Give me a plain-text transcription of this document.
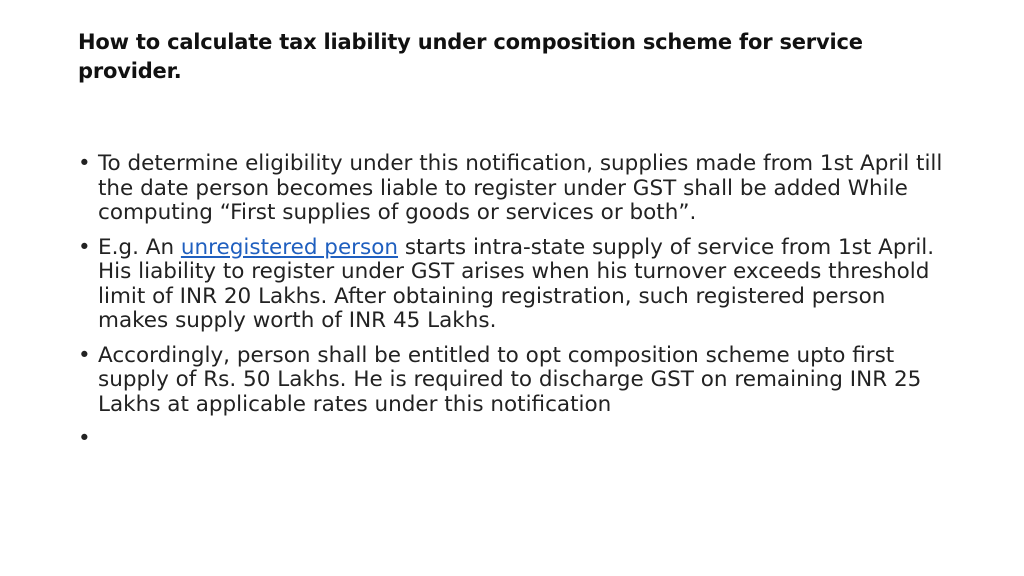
How to calculate tax liability under composition scheme for service provider.
• To determine eligibility under this notification, supplies made from 1st April till the date person becomes liable to register under GST shall be added While computing “First supplies of goods or services or both”.
• E.g. An unregistered person starts intra-state supply of service from 1st April. His liability to register under GST arises when his turnover exceeds threshold limit of INR 20 Lakhs. After obtaining registration, such registered person makes supply worth of INR 45 Lakhs.
• Accordingly, person shall be entitled to opt composition scheme upto first supply of Rs. 50 Lakhs. He is required to discharge GST on remaining INR 25 Lakhs at applicable rates under this notification
•
